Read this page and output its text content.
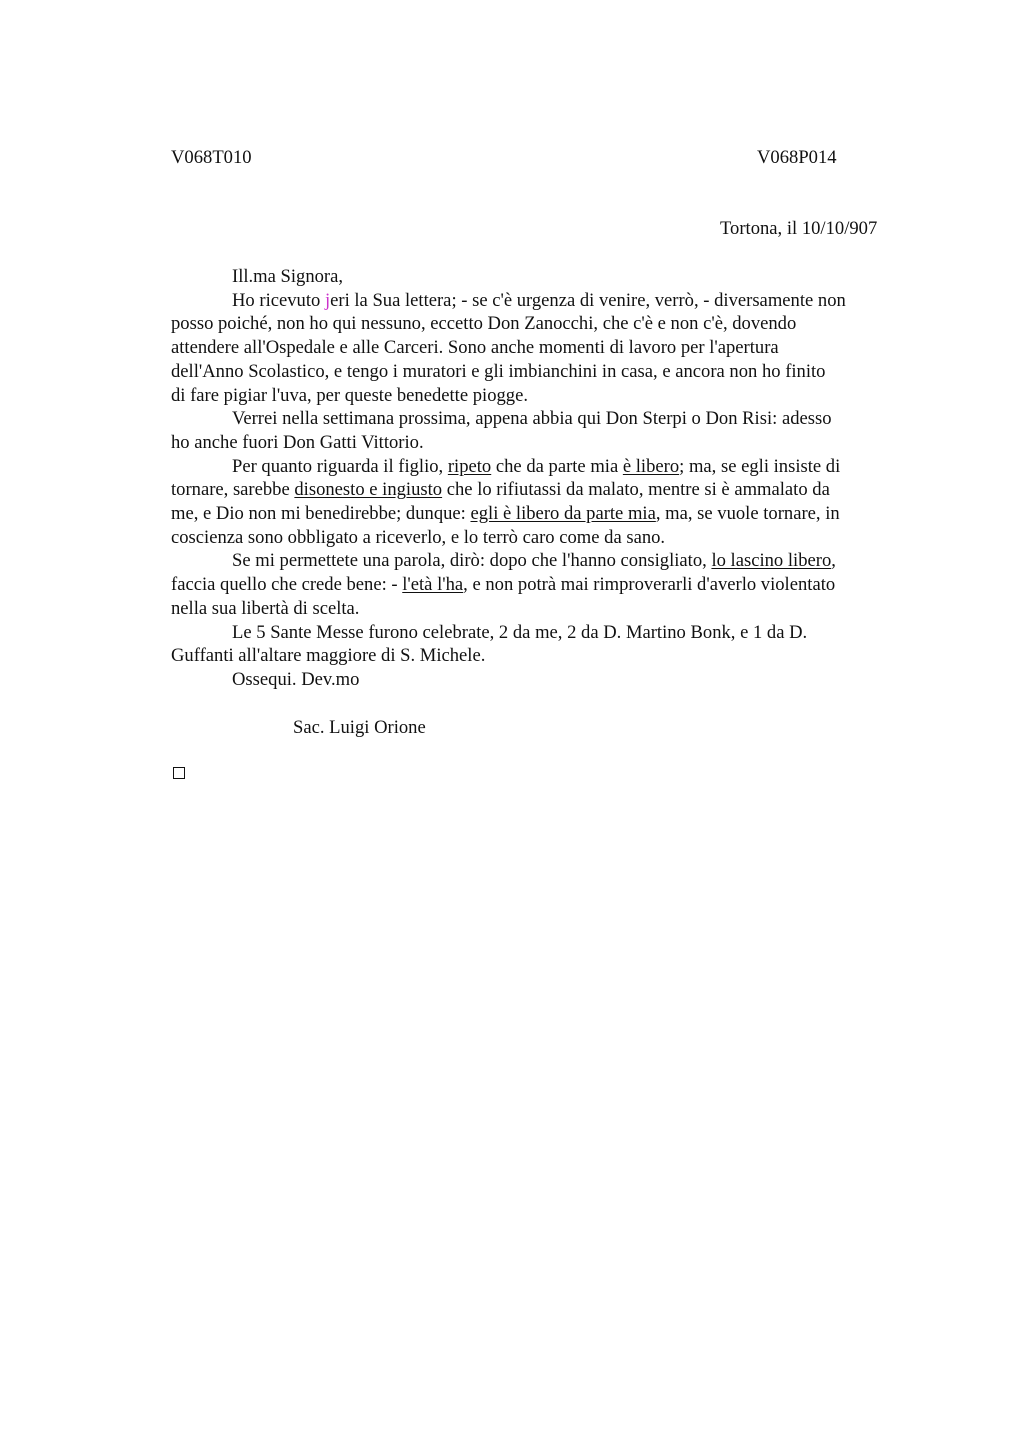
V068T010	V068P014
Tortona, il 10/10/907
Ill.ma Signora,
Ho ricevuto jeri la Sua lettera; - se c'è urgenza di venire, verrò, - diversamente non
posso poiché, non ho qui nessuno, eccetto Don Zanocchi, che c'è e non c'è, dovendo
attendere all'Ospedale e alle Carceri. Sono anche momenti di lavoro per l'apertura
dell'Anno Scolastico, e tengo i muratori e gli imbianchini in casa, e ancora non ho finito
di fare pigiar l'uva, per queste benedette piogge.
Verrei nella settimana prossima, appena abbia qui Don Sterpi o Don Risi: adesso
ho anche fuori Don Gatti Vittorio.
Per quanto riguarda il figlio, ripeto che da parte mia è libero; ma, se egli insiste di
tornare, sarebbe disonesto e ingiusto che lo rifiutassi da malato, mentre si è ammalato da
me, e Dio non mi benedirebbe; dunque: egli è libero da parte mia, ma, se vuole tornare, in
coscienza sono obbligato a riceverlo, e lo terrò caro come da sano.
Se mi permettete una parola, dirò: dopo che l'hanno consigliato, lo lascino libero,
faccia quello che crede bene: - l'età l'ha, e non potrà mai rimproverarli d'averlo violentato
nella sua libertà di scelta.
Le 5 Sante Messe furono celebrate, 2 da me, 2 da D. Martino Bonk, e 1 da D.
Guffanti all'altare maggiore di S. Michele.
Ossequi. Dev.mo
Sac. Luigi Orione
